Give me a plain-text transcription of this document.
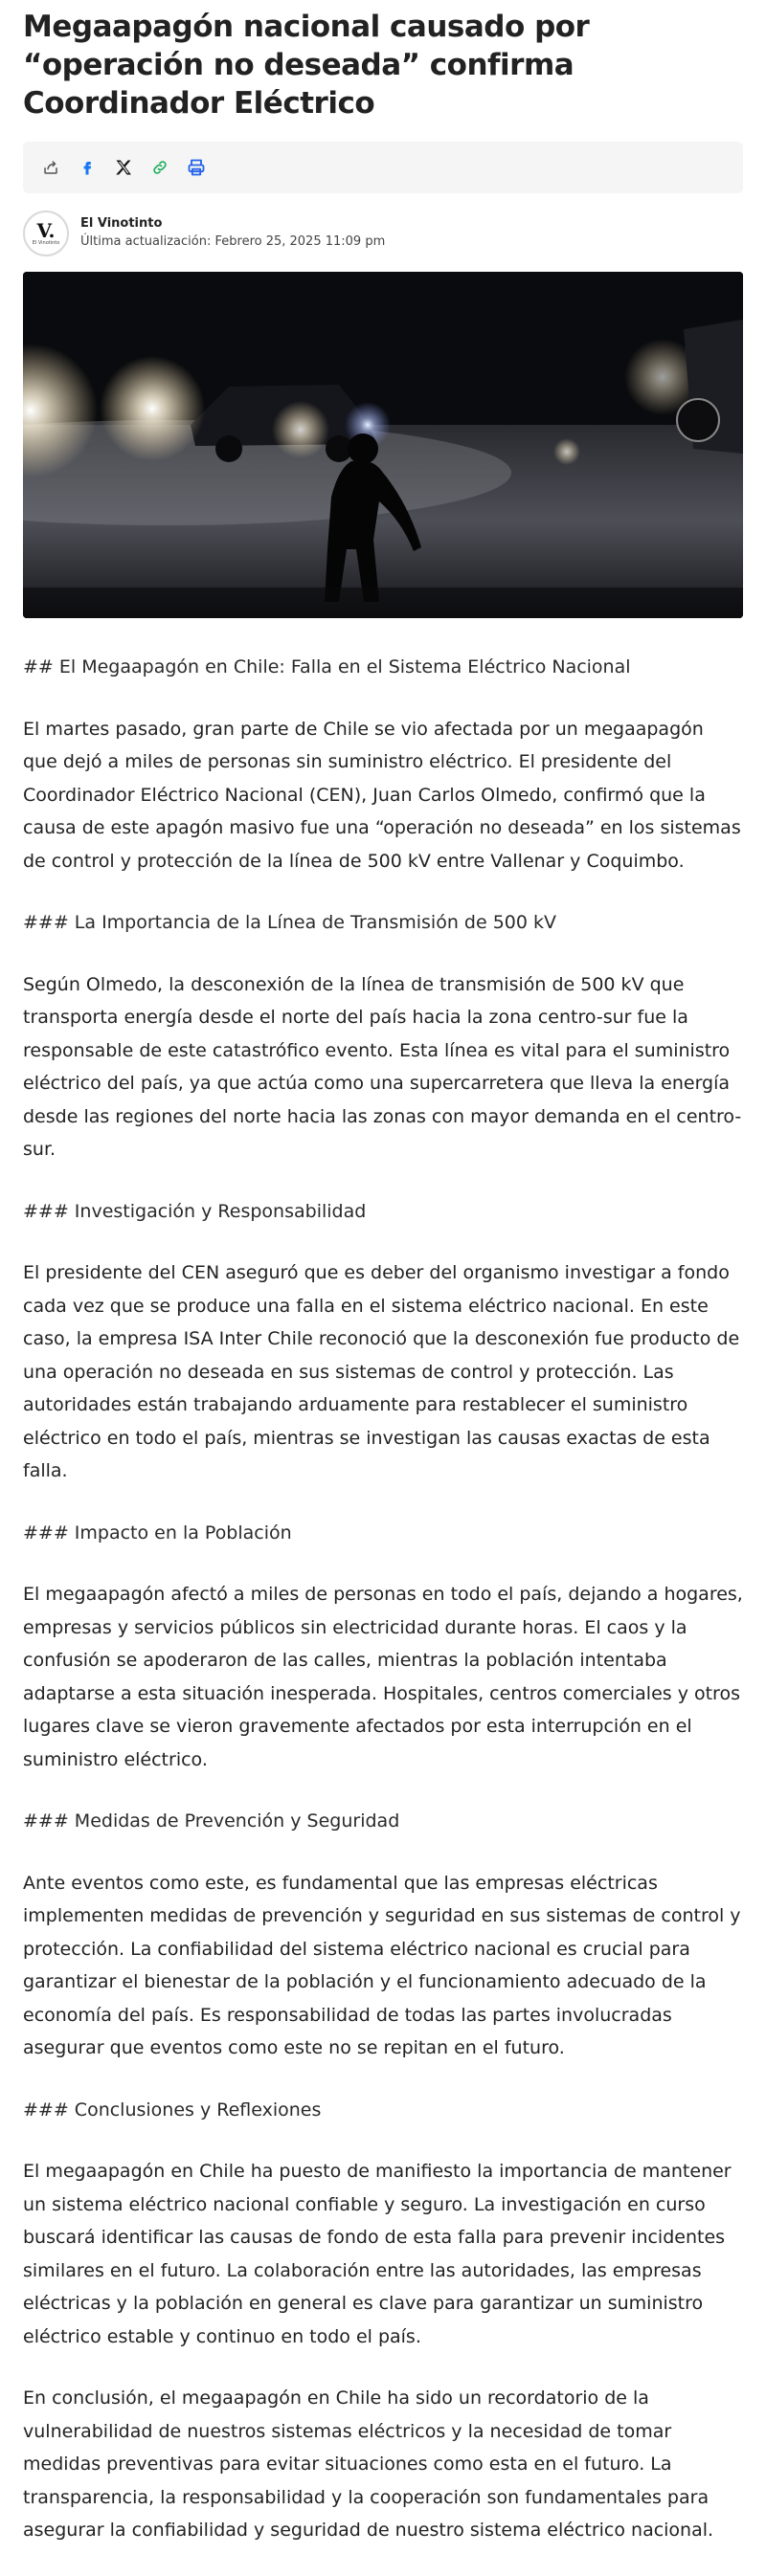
Megaapagón nacional causado por “operación no deseada” confirma Coordinador Eléctrico
V.
El Vinotinto
El Vinotinto
Última actualización: Febrero 25, 2025 11:09 pm

## El Megaapagón en Chile: Falla en el Sistema Eléctrico Nacional

El martes pasado, gran parte de Chile se vio afectada por un megaapagón que dejó a miles de personas sin suministro eléctrico. El presidente del Coordinador Eléctrico Nacional (CEN), Juan Carlos Olmedo, confirmó que la causa de este apagón masivo fue una “operación no deseada” en los sistemas de control y protección de la línea de 500 kV entre Vallenar y Coquimbo.

### La Importancia de la Línea de Transmisión de 500 kV

Según Olmedo, la desconexión de la línea de transmisión de 500 kV que transporta energía desde el norte del país hacia la zona centro-sur fue la responsable de este catastrófico evento. Esta línea es vital para el suministro eléctrico del país, ya que actúa como una supercarretera que lleva la energía desde las regiones del norte hacia las zonas con mayor demanda en el centro-sur.

### Investigación y Responsabilidad

El presidente del CEN aseguró que es deber del organismo investigar a fondo cada vez que se produce una falla en el sistema eléctrico nacional. En este caso, la empresa ISA Inter Chile reconoció que la desconexión fue producto de una operación no deseada en sus sistemas de control y protección. Las autoridades están trabajando arduamente para restablecer el suministro eléctrico en todo el país, mientras se investigan las causas exactas de esta falla.

### Impacto en la Población

El megaapagón afectó a miles de personas en todo el país, dejando a hogares, empresas y servicios públicos sin electricidad durante horas. El caos y la confusión se apoderaron de las calles, mientras la población intentaba adaptarse a esta situación inesperada. Hospitales, centros comerciales y otros lugares clave se vieron gravemente afectados por esta interrupción en el suministro eléctrico.

### Medidas de Prevención y Seguridad

Ante eventos como este, es fundamental que las empresas eléctricas implementen medidas de prevención y seguridad en sus sistemas de control y protección. La confiabilidad del sistema eléctrico nacional es crucial para garantizar el bienestar de la población y el funcionamiento adecuado de la economía del país. Es responsabilidad de todas las partes involucradas asegurar que eventos como este no se repitan en el futuro.

### Conclusiones y Reflexiones

El megaapagón en Chile ha puesto de manifiesto la importancia de mantener un sistema eléctrico nacional confiable y seguro. La investigación en curso buscará identificar las causas de fondo de esta falla para prevenir incidentes similares en el futuro. La colaboración entre las autoridades, las empresas eléctricas y la población en general es clave para garantizar un suministro eléctrico estable y continuo en todo el país.

En conclusión, el megaapagón en Chile ha sido un recordatorio de la vulnerabilidad de nuestros sistemas eléctricos y la necesidad de tomar medidas preventivas para evitar situaciones como esta en el futuro. La transparencia, la responsabilidad y la cooperación son fundamentales para asegurar la confiabilidad y seguridad de nuestro sistema eléctrico nacional.
